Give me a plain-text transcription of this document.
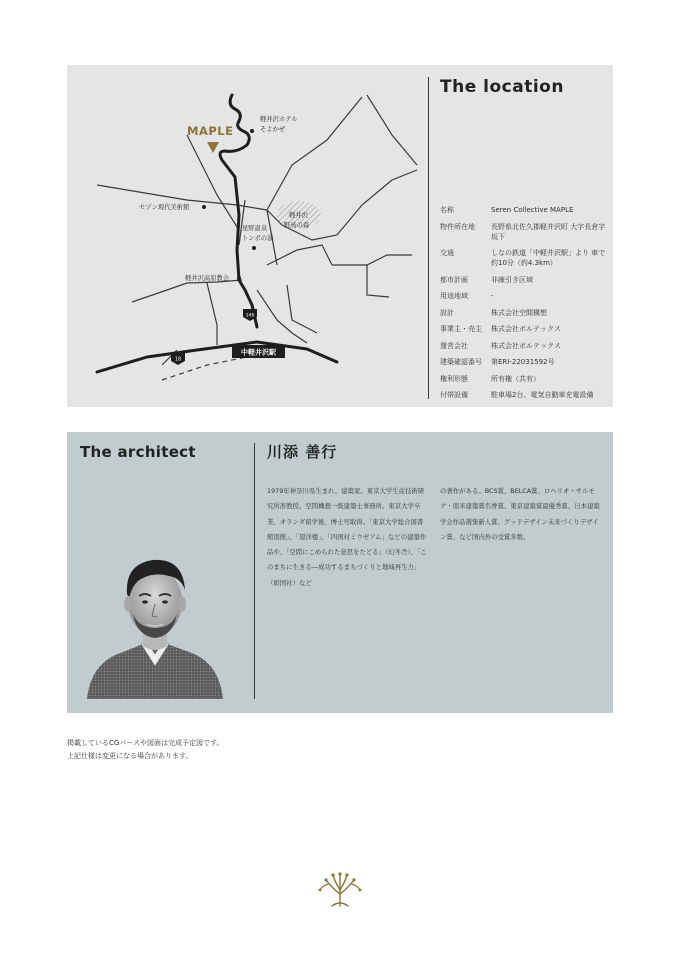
MAPLE
軽井沢ホテル
そよかぜ
セゾン現代美術館
星野温泉
トンボの湯
軽井沢
野鳥の森
軽井沢高原教会
146
18
中軽井沢駅
The location
名称	Seren Collective MAPLE
物件所在地	長野県北佐久郡軽井沢町 大字長倉字坂下
交通	しなの鉄道「中軽井沢駅」より 車で約10分（約4.3km）
都市計画	非線引き区域
用途地域	-
設計	株式会社空間構想
事業主・売主	株式会社ボルテックス
運営会社	株式会社ボルテックス
建築確認番号	第ERI-22031592号
権利形態	所有権（共有）
付帯設備	駐車場2台、電気自動車充電設備
The architect	川添 善行

1979年神奈川県生まれ。建築家。東京大学生産技術研究所准教授。空間構想一級建築士事務所。東京大学卒業、オランダ留学後、博士号取得。「東京大学総合図書館別館」、「望洋楼」、「四国村ミウゼアム」などの建築作品や、「空間にこめられた意思をたどる」（幻冬舎）、「このまちに生きる―成功するまちづくりと地域再生力」（彰国社）など

の著作がある。BCS賞、BELCA賞、ロヘリオ・サルモナ・南米建築賞名誉賞、東京建築賞最優秀賞、日本建築学会作品選集新人賞、グッドデザイン未来づくりデザイン賞、など国内外の受賞多数。

掲載しているCGパースや図面は完成予定図です。

上記仕様は変更になる場合があります。
